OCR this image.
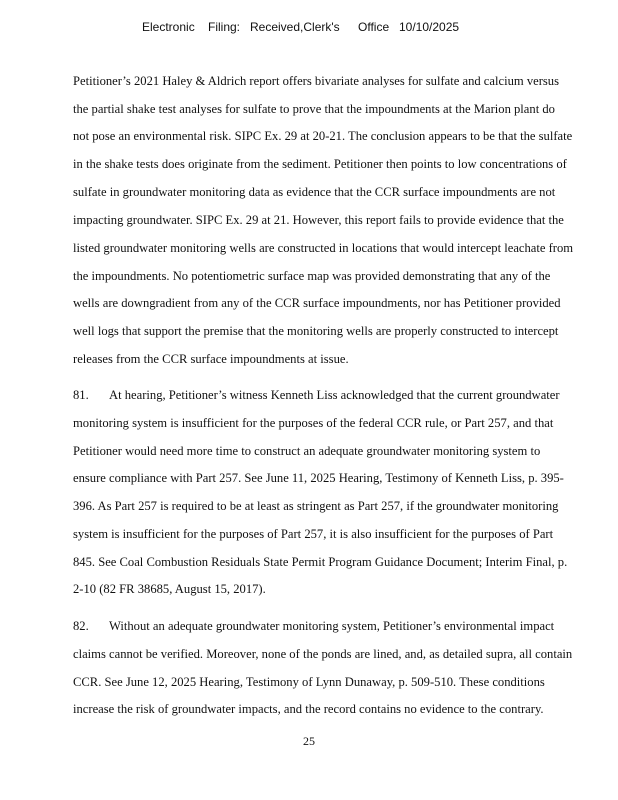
Electronic Filing: Received,Clerk's Office 10/10/2025
Petitioner’s 2021 Haley & Aldrich report offers bivariate analyses for sulfate and calcium versus
the partial shake test analyses for sulfate to prove that the impoundments at the Marion plant do
not pose an environmental risk. SIPC Ex. 29 at 20-21. The conclusion appears to be that the sulfate
in the shake tests does originate from the sediment. Petitioner then points to low concentrations of
sulfate in groundwater monitoring data as evidence that the CCR surface impoundments are not
impacting groundwater. SIPC Ex. 29 at 21. However, this report fails to provide evidence that the
listed groundwater monitoring wells are constructed in locations that would intercept leachate from
the impoundments. No potentiometric surface map was provided demonstrating that any of the
wells are downgradient from any of the CCR surface impoundments, nor has Petitioner provided
well logs that support the premise that the monitoring wells are properly constructed to intercept
releases from the CCR surface impoundments at issue.
81. At hearing, Petitioner’s witness Kenneth Liss acknowledged that the current groundwater
monitoring system is insufficient for the purposes of the federal CCR rule, or Part 257, and that
Petitioner would need more time to construct an adequate groundwater monitoring system to
ensure compliance with Part 257. See June 11, 2025 Hearing, Testimony of Kenneth Liss, p. 395-
396. As Part 257 is required to be at least as stringent as Part 257, if the groundwater monitoring
system is insufficient for the purposes of Part 257, it is also insufficient for the purposes of Part
845. See Coal Combustion Residuals State Permit Program Guidance Document; Interim Final, p.
2-10 (82 FR 38685, August 15, 2017).
82. Without an adequate groundwater monitoring system, Petitioner’s environmental impact
claims cannot be verified. Moreover, none of the ponds are lined, and, as detailed supra, all contain
CCR. See June 12, 2025 Hearing, Testimony of Lynn Dunaway, p. 509-510. These conditions
increase the risk of groundwater impacts, and the record contains no evidence to the contrary.
25
